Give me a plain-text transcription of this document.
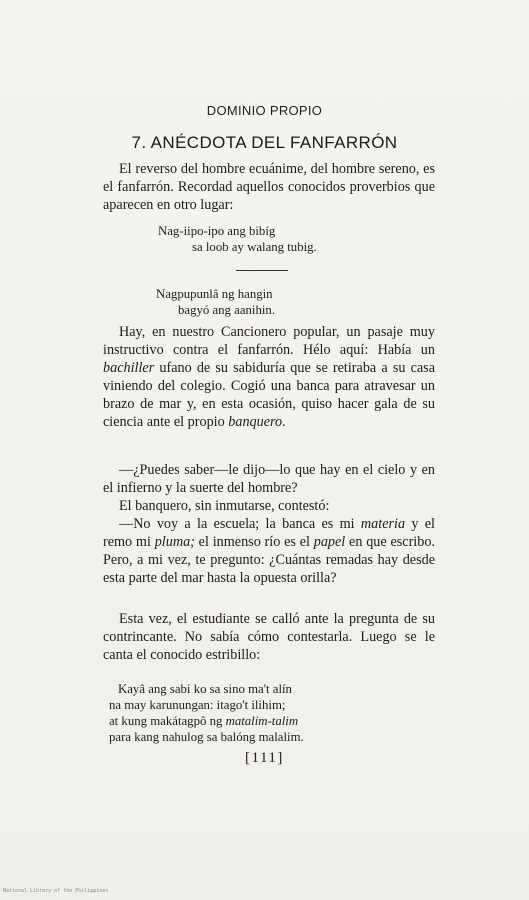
DOMINIO PROPIO
7. ANÉCDOTA DEL FANFARRÓN

El reverso del hombre ecuánime, del hombre sereno, es el fanfarrón. Recordad aquellos conocidos proverbios que aparecen en otro lugar:

Nag-iipo-ipo ang bibíg
sa loob ay walang tubig.
Nagpupunlâ ng hangin
bagyó ang aanihin.

Hay, en nuestro Cancionero popular, un pasaje muy instructivo contra el fanfarrón. Hélo aquí: Había un bachiller ufano de su sabiduría que se retiraba a su casa viniendo del colegio. Cogió una banca para atravesar un brazo de mar y, en esta ocasión, quiso hacer gala de su ciencia ante el propio banquero.

—¿Puedes saber—le dijo—lo que hay en el cielo y en el infierno y la suerte del hombre?

El banquero, sin inmutarse, contestó:

—No voy a la escuela; la banca es mi materia y el remo mi pluma; el inmenso río es el papel en que escribo. Pero, a mi vez, te pregunto: ¿Cuántas remadas hay desde esta parte del mar hasta la opuesta orilla?

Esta vez, el estudiante se calló ante la pregunta de su contrincante. No sabía cómo contestarla. Luego se le canta el conocido estribillo:

Kayâ ang sabi ko sa sino ma't alín
na may karunungan: itago't ilihim;
at kung makátagpô ng matalim-talim
para kang nahulog sa balóng malalim.
[111]
National Library of the Philippines
